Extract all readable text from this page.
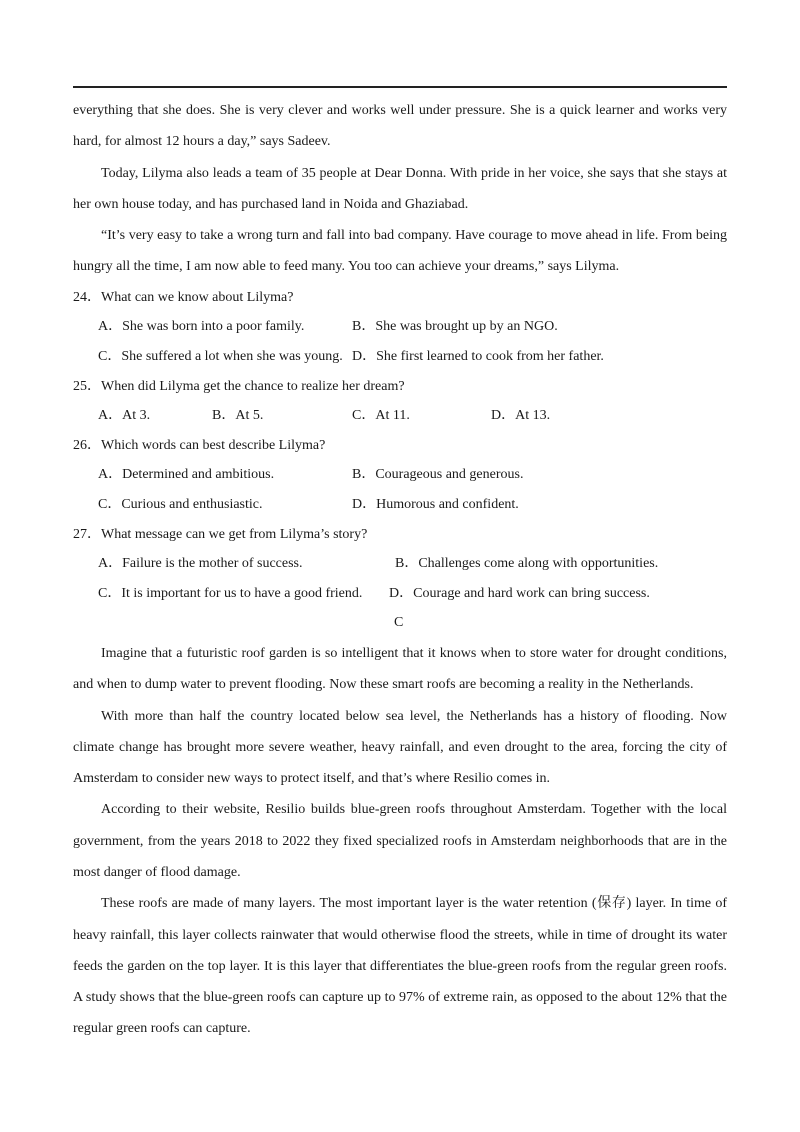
everything that she does. She is very clever and works well under pressure. She is a quick learner and works very hard, for almost 12 hours a day,” says Sadeev.

Today, Lilyma also leads a team of 35 people at Dear Donna. With pride in her voice, she says that she stays at her own house today, and has purchased land in Noida and Ghaziabad.

“It’s very easy to take a wrong turn and fall into bad company. Have courage to move ahead in life. From being hungry all the time, I am now able to feed many. You too can achieve your dreams,” says Lilyma.

24．What can we know about Lilyma?

A．She was born into a poor family.	B．She was brought up by an NGO.
C．She suffered a lot when she was young. D．She first learned to cook from her father.

25．When did Lilyma get the chance to realize her dream?

A．At 3.	B．At 5.	C．At 11.	D．At 13.

26．Which words can best describe Lilyma?

A．Determined and ambitious.	B．Courageous and generous.
C．Curious and enthusiastic.	D．Humorous and confident.

27．What message can we get from Lilyma’s story?

A．Failure is the mother of success.	B．Challenges come along with opportunities.
C．It is important for us to have a good friend. D．Courage and hard work can bring success.

C

Imagine that a futuristic roof garden is so intelligent that it knows when to store water for drought conditions, and when to dump water to prevent flooding. Now these smart roofs are becoming a reality in the Netherlands.

With more than half the country located below sea level, the Netherlands has a history of flooding. Now climate change has brought more severe weather, heavy rainfall, and even drought to the area, forcing the city of Amsterdam to consider new ways to protect itself, and that’s where Resilio comes in.

According to their website, Resilio builds blue-green roofs throughout Amsterdam. Together with the local government, from the years 2018 to 2022 they fixed specialized roofs in Amsterdam neighborhoods that are in the most danger of flood damage.

These roofs are made of many layers. The most important layer is the water retention (保存) layer. In time of heavy rainfall, this layer collects rainwater that would otherwise flood the streets, while in time of drought its water feeds the garden on the top layer. It is this layer that differentiates the blue-green roofs from the regular green roofs. A study shows that the blue-green roofs can capture up to 97% of extreme rain, as opposed to the about 12% that the regular green roofs can capture.
